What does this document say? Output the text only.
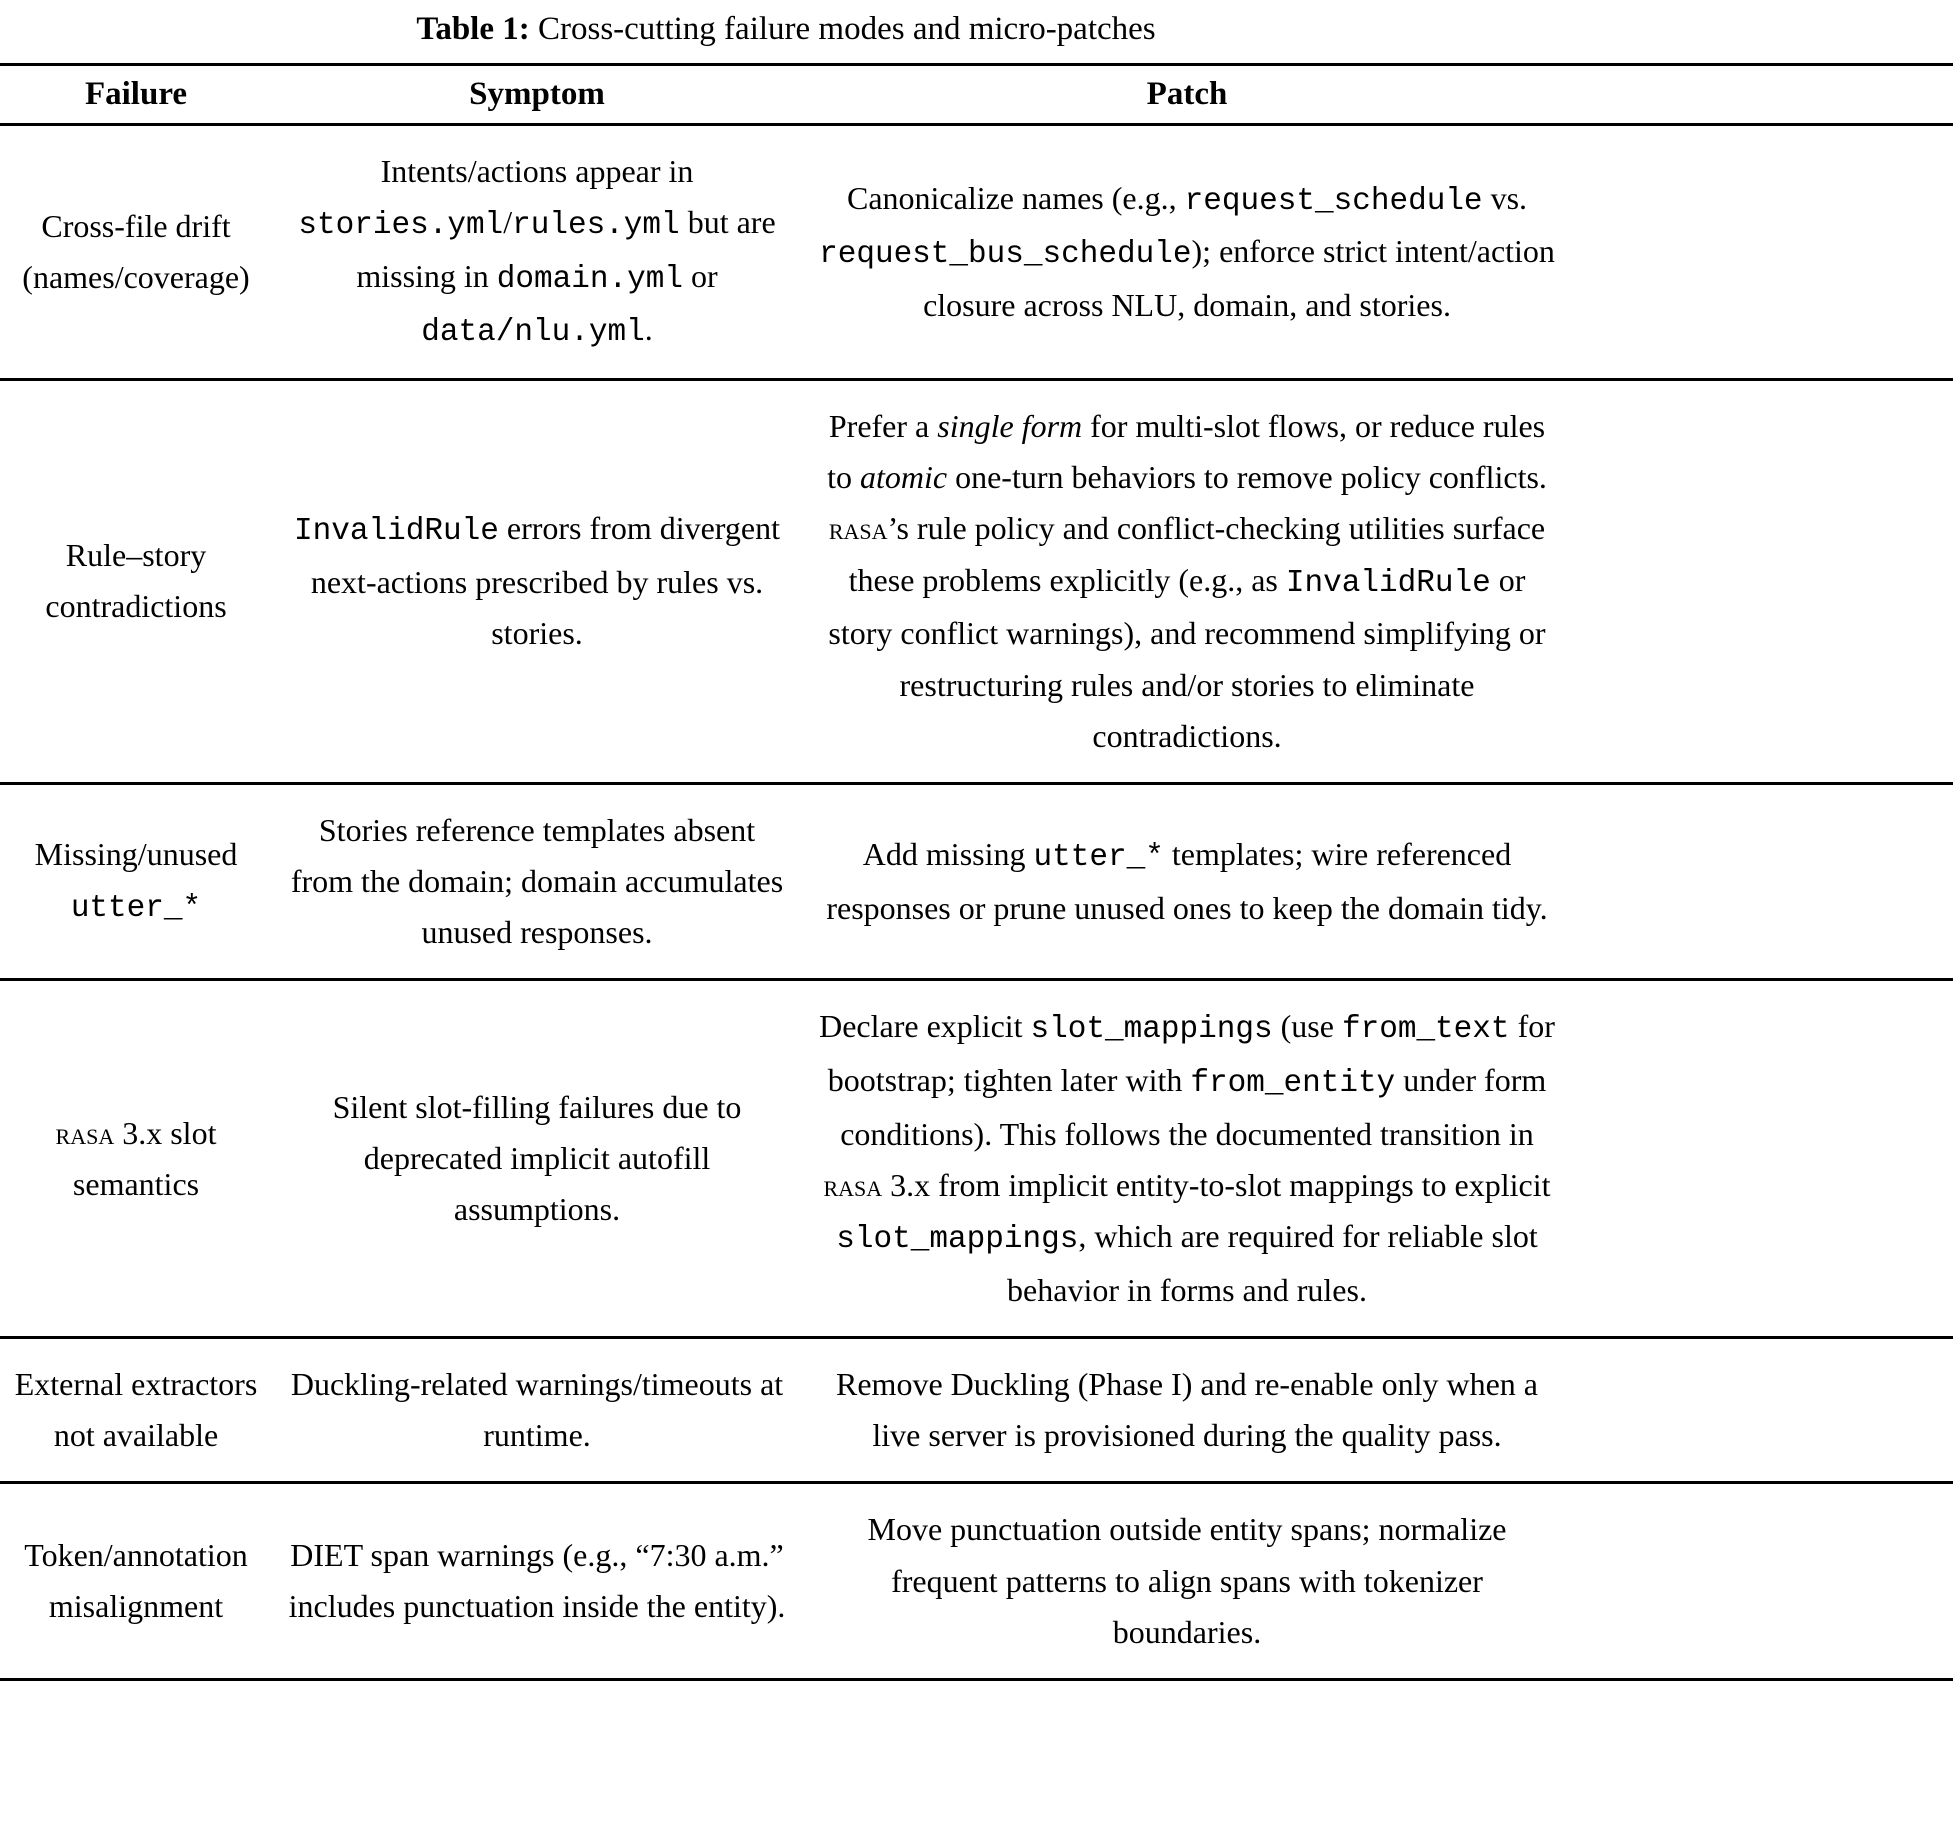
Table 1: Cross-cutting failure modes and micro-patches
Failure	Symptom	Patch	
Cross-file drift (names/coverage)	Intents/actions appear in stories.yml/rules.yml but are missing in domain.yml or data/nlu.yml.	Canonicalize names (e.g., request_schedule vs. request_bus_schedule); enforce strict intent/action closure across NLU, domain, and stories.	
Rule–story contradictions	InvalidRule errors from divergent next-actions prescribed by rules vs. stories.	Prefer a single form for multi-slot flows, or reduce rules to atomic one-turn behaviors to remove policy conflicts. rasa’s rule policy and conflict-checking utilities surface these problems explicitly (e.g., as InvalidRule or story conflict warnings), and recommend simplifying or restructuring rules and/or stories to eliminate contradictions.	
Missing/unused utter_*	Stories reference templates absent from the domain; domain accumulates unused responses.	Add missing utter_* templates; wire referenced responses or prune unused ones to keep the domain tidy.	
rasa 3.x slot semantics	Silent slot-filling failures due to deprecated implicit autofill assumptions.	Declare explicit slot_mappings (use from_text for bootstrap; tighten later with from_entity under form conditions). This follows the documented transition in rasa 3.x from implicit entity-to-slot mappings to explicit slot_mappings, which are required for reliable slot behavior in forms and rules.	
External extractors not available	Duckling-related warnings/timeouts at runtime.	Remove Duckling (Phase I) and re-enable only when a live server is provisioned during the quality pass.	
Token/annotation misalignment	DIET span warnings (e.g., “7:30 a.m.” includes punctuation inside the entity).	Move punctuation outside entity spans; normalize frequent patterns to align spans with tokenizer boundaries.	
